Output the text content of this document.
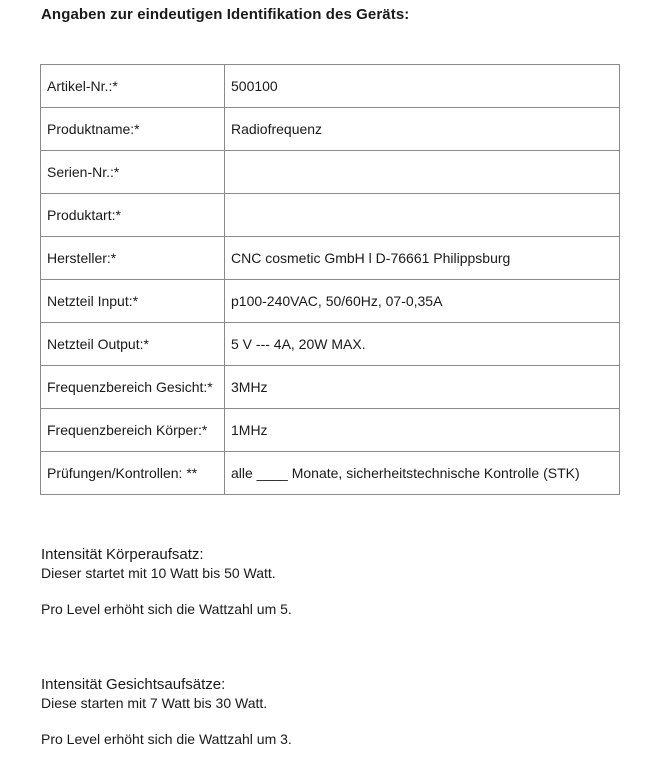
Angaben zur eindeutigen Identifikation des Geräts:
Artikel-Nr.:*	500100
Produktname:*	Radiofrequenz
Serien-Nr.:*	
Produktart:*	
Hersteller:*	CNC cosmetic GmbH l D-76661 Philippsburg
Netzteil Input:*	p100-240VAC, 50/60Hz, 07-0,35A
Netzteil Output:*	5 V --- 4A, 20W MAX.
Frequenzbereich Gesicht:*	3MHz
Frequenzbereich Körper:*	1MHz
Prüfungen/Kontrollen: **	alle ____ Monate, sicherheitstechnische Kontrolle (STK)
Intensität Körperaufsatz:
Dieser startet mit 10 Watt bis 50 Watt.
Pro Level erhöht sich die Wattzahl um 5.
Intensität Gesichtsaufsätze:
Diese starten mit 7 Watt bis 30 Watt.
Pro Level erhöht sich die Wattzahl um 3.
